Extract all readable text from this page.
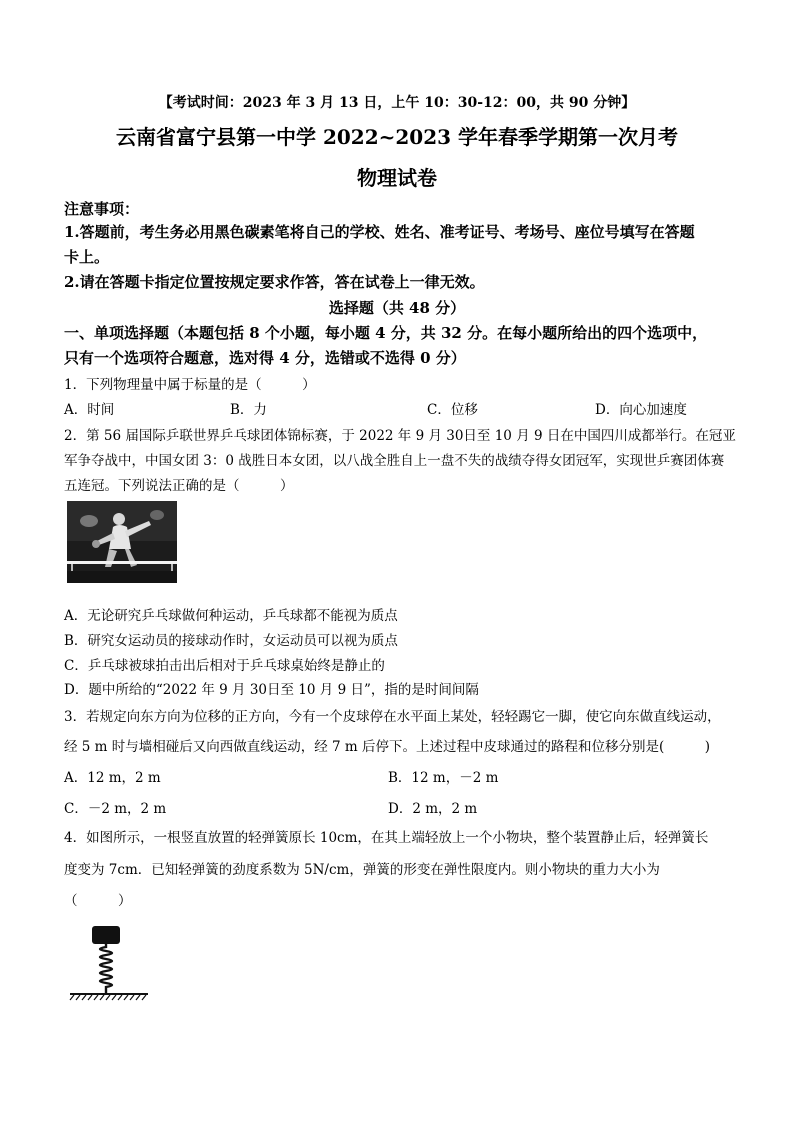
【考试时间：2023 年 3 月 13 日，上午 10：30-12：00，共 90 分钟】
云南省富宁县第一中学 2022~2023 学年春季学期第一次月考
物理试卷
注意事项：
1.答题前，考生务必用黑色碳素笔将自己的学校、姓名、准考证号、考场号、座位号填写在答题
卡上。
2.请在答题卡指定位置按规定要求作答，答在试卷上一律无效。
选择题（共 48 分）
一、单项选择题（本题包括 8 个小题，每小题 4 分，共 32 分。在每小题所给出的四个选项中，
只有一个选项符合题意，选对得 4 分，选错或不选得 0 分）
1．下列物理量中属于标量的是（　　　）
A．时间	B．力	C．位移	D．向心加速度
2．第 56 届国际乒联世界乒乓球团体锦标赛，于 2022 年 9 月 30日至 10 月 9 日在中国四川成都举行。在冠亚
军争夺战中，中国女团 3：0 战胜日本女团，以八战全胜自上一盘不失的战绩夺得女团冠军，实现世乒赛团体赛
五连冠。下列说法正确的是（　　　）
A．无论研究乒乓球做何种运动，乒乓球都不能视为质点
B．研究女运动员的接球动作时，女运动员可以视为质点
C．乒乓球被球拍击出后相对于乒乓球桌始终是静止的
D．题中所给的“2022 年 9 月 30日至 10 月 9 日”，指的是时间间隔
3．若规定向东方向为位移的正方向，今有一个皮球停在水平面上某处，轻轻踢它一脚，使它向东做直线运动，
经 5 m 时与墙相碰后又向西做直线运动，经 7 m 后停下。上述过程中皮球通过的路程和位移分别是(　　　)
A．12 m，2 m	B．12 m，－2 m
C．－2 m，2 m	D．2 m，2 m
4．如图所示，一根竖直放置的轻弹簧原长 10cm，在其上端轻放上一个小物块，整个装置静止后，轻弹簧长
度变为 7cm．已知轻弹簧的劲度系数为 5N/cm，弹簧的形变在弹性限度内。则小物块的重力大小为
（　　　）
